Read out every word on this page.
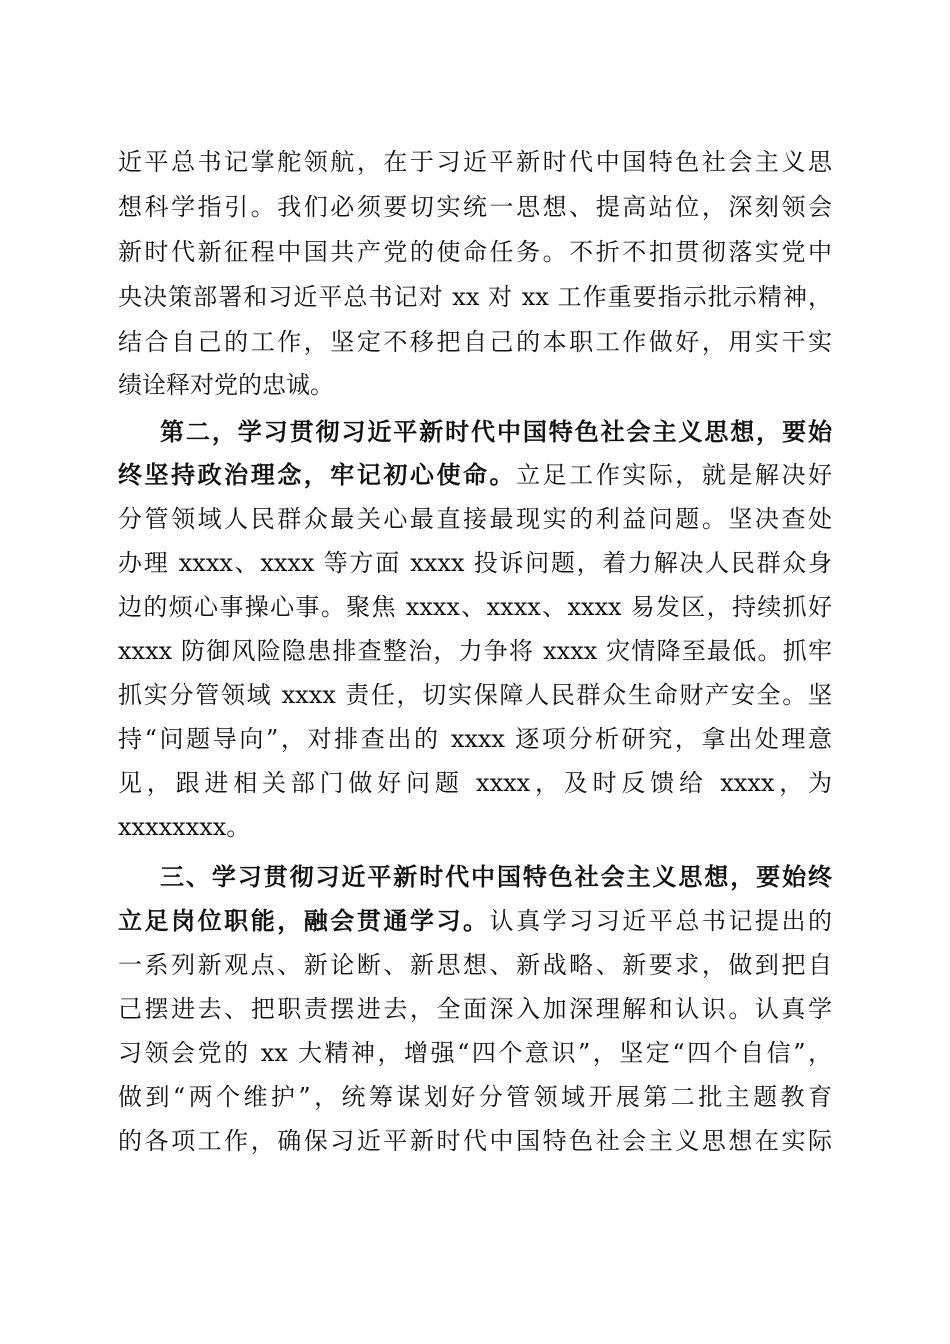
近平总书记掌舵领航，在于习近平新时代中国特色社会主义思
想科学指引。我们必须要切实统一思想、提高站位，深刻领会
新时代新征程中国共产党的使命任务。不折不扣贯彻落实党中
央决策部署和习近平总书记对 xx 对 xx 工作重要指示批示精神，
结合自己的工作，坚定不移把自己的本职工作做好，用实干实
绩诠释对党的忠诚。
第二，学习贯彻习近平新时代中国特色社会主义思想，要始
终坚持政治理念，牢记初心使命。立足工作实际，就是解决好
分管领域人民群众最关心最直接最现实的利益问题。坚决查处
办理 xxxx、xxxx 等方面 xxxx 投诉问题，着力解决人民群众身
边的烦心事操心事。聚焦 xxxx、xxxx、xxxx 易发区，持续抓好
xxxx 防御风险隐患排查整治，力争将 xxxx 灾情降至最低。抓牢
抓实分管领域 xxxx 责任，切实保障人民群众生命财产安全。坚
持“问题导向”，对排查出的 xxxx 逐项分析研究，拿出处理意
见，跟进相关部门做好问题 xxxx，及时反馈给 xxxx，为
xxxxxxxx。
三、学习贯彻习近平新时代中国特色社会主义思想，要始终
立足岗位职能，融会贯通学习。认真学习习近平总书记提出的
一系列新观点、新论断、新思想、新战略、新要求，做到把自
己摆进去、把职责摆进去，全面深入加深理解和认识。认真学
习领会党的 xx 大精神，增强“四个意识”，坚定“四个自信”，
做到“两个维护”，统筹谋划好分管领域开展第二批主题教育
的各项工作，确保习近平新时代中国特色社会主义思想在实际
